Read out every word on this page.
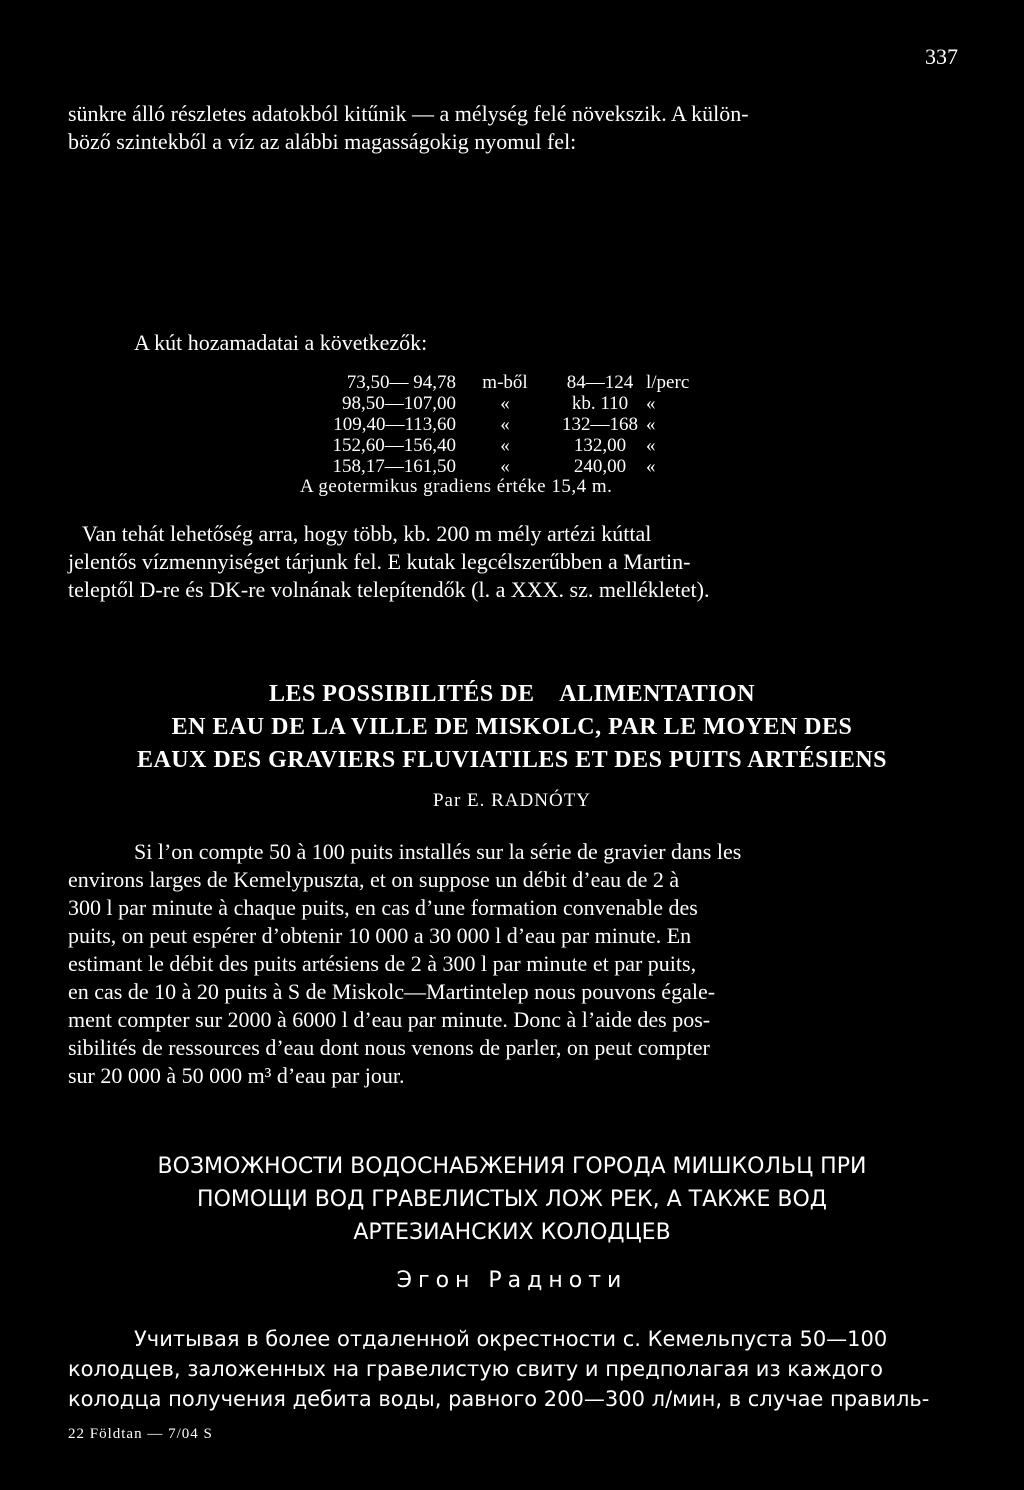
337

sünkre álló részletes adatokból kitűnik — a mélység felé növekszik. A külön-

böző szintekből a víz az alábbi magasságokig nyomul fel:

A kút hozamadatai a következők:
73,50— 94,78	m-ből	84—124	l/perc
98,50—107,00	«	kb. 110	«
109,40—113,60	«	132—168	«
152,60—156,40	«	132,00	«
158,17—161,50	«	240,00	«
A geotermikus gradiens értéke 15,4 m.

Van tehát lehetőség arra, hogy több, kb. 200 m mély artézi kúttal

jelentős vízmennyiséget tárjunk fel. E kutak legcélszerűbben a Martin-

teleptől D-re és DK-re volnának telepítendők (l. a XXX. sz. mellékletet).

LES POSSIBILITÉS DE    ALIMENTATION
EN EAU DE LA VILLE DE MISKOLC, PAR LE MOYEN DES
EAUX DES GRAVIERS FLUVIATILES ET DES PUITS ARTÉSIENS
Par E. RADNÓTY

Si l’on compte 50 à 100 puits installés sur la série de gravier dans les

environs larges de Kemelypuszta, et on suppose un débit d’eau de 2 à

300 l par minute à chaque puits, en cas d’une formation convenable des

puits, on peut espérer d’obtenir 10 000 a 30 000 l d’eau par minute. En

estimant le débit des puits artésiens de 2 à 300 l par minute et par puits,

en cas de 10 à 20 puits à S de Miskolc—Martintelep nous pouvons égale-

ment compter sur 2000 à 6000 l d’eau par minute. Donc à l’aide des pos-

sibilités de ressources d’eau dont nous venons de parler, on peut compter

sur 20 000 à 50 000 m³ d’eau par jour.

ВОЗМОЖНОСТИ ВОДОСНАБЖЕНИЯ ГОРОДА МИШКОЛЬЦ ПРИ
ПОМОЩИ ВОД ГРАВЕЛИСТЫХ ЛОЖ РЕК, А ТАКЖЕ ВОД
АРТЕЗИАНСКИХ КОЛОДЦЕВ
Эгон Радноти

Учитывая в более отдаленной окрестности с. Кемельпуста 50—100

колодцев, заложенных на гравелистую свиту и предполагая из каждого

колодца получения дебита воды, равного 200—300 л/мин, в случае правиль-

22 Földtan — 7/04 S
